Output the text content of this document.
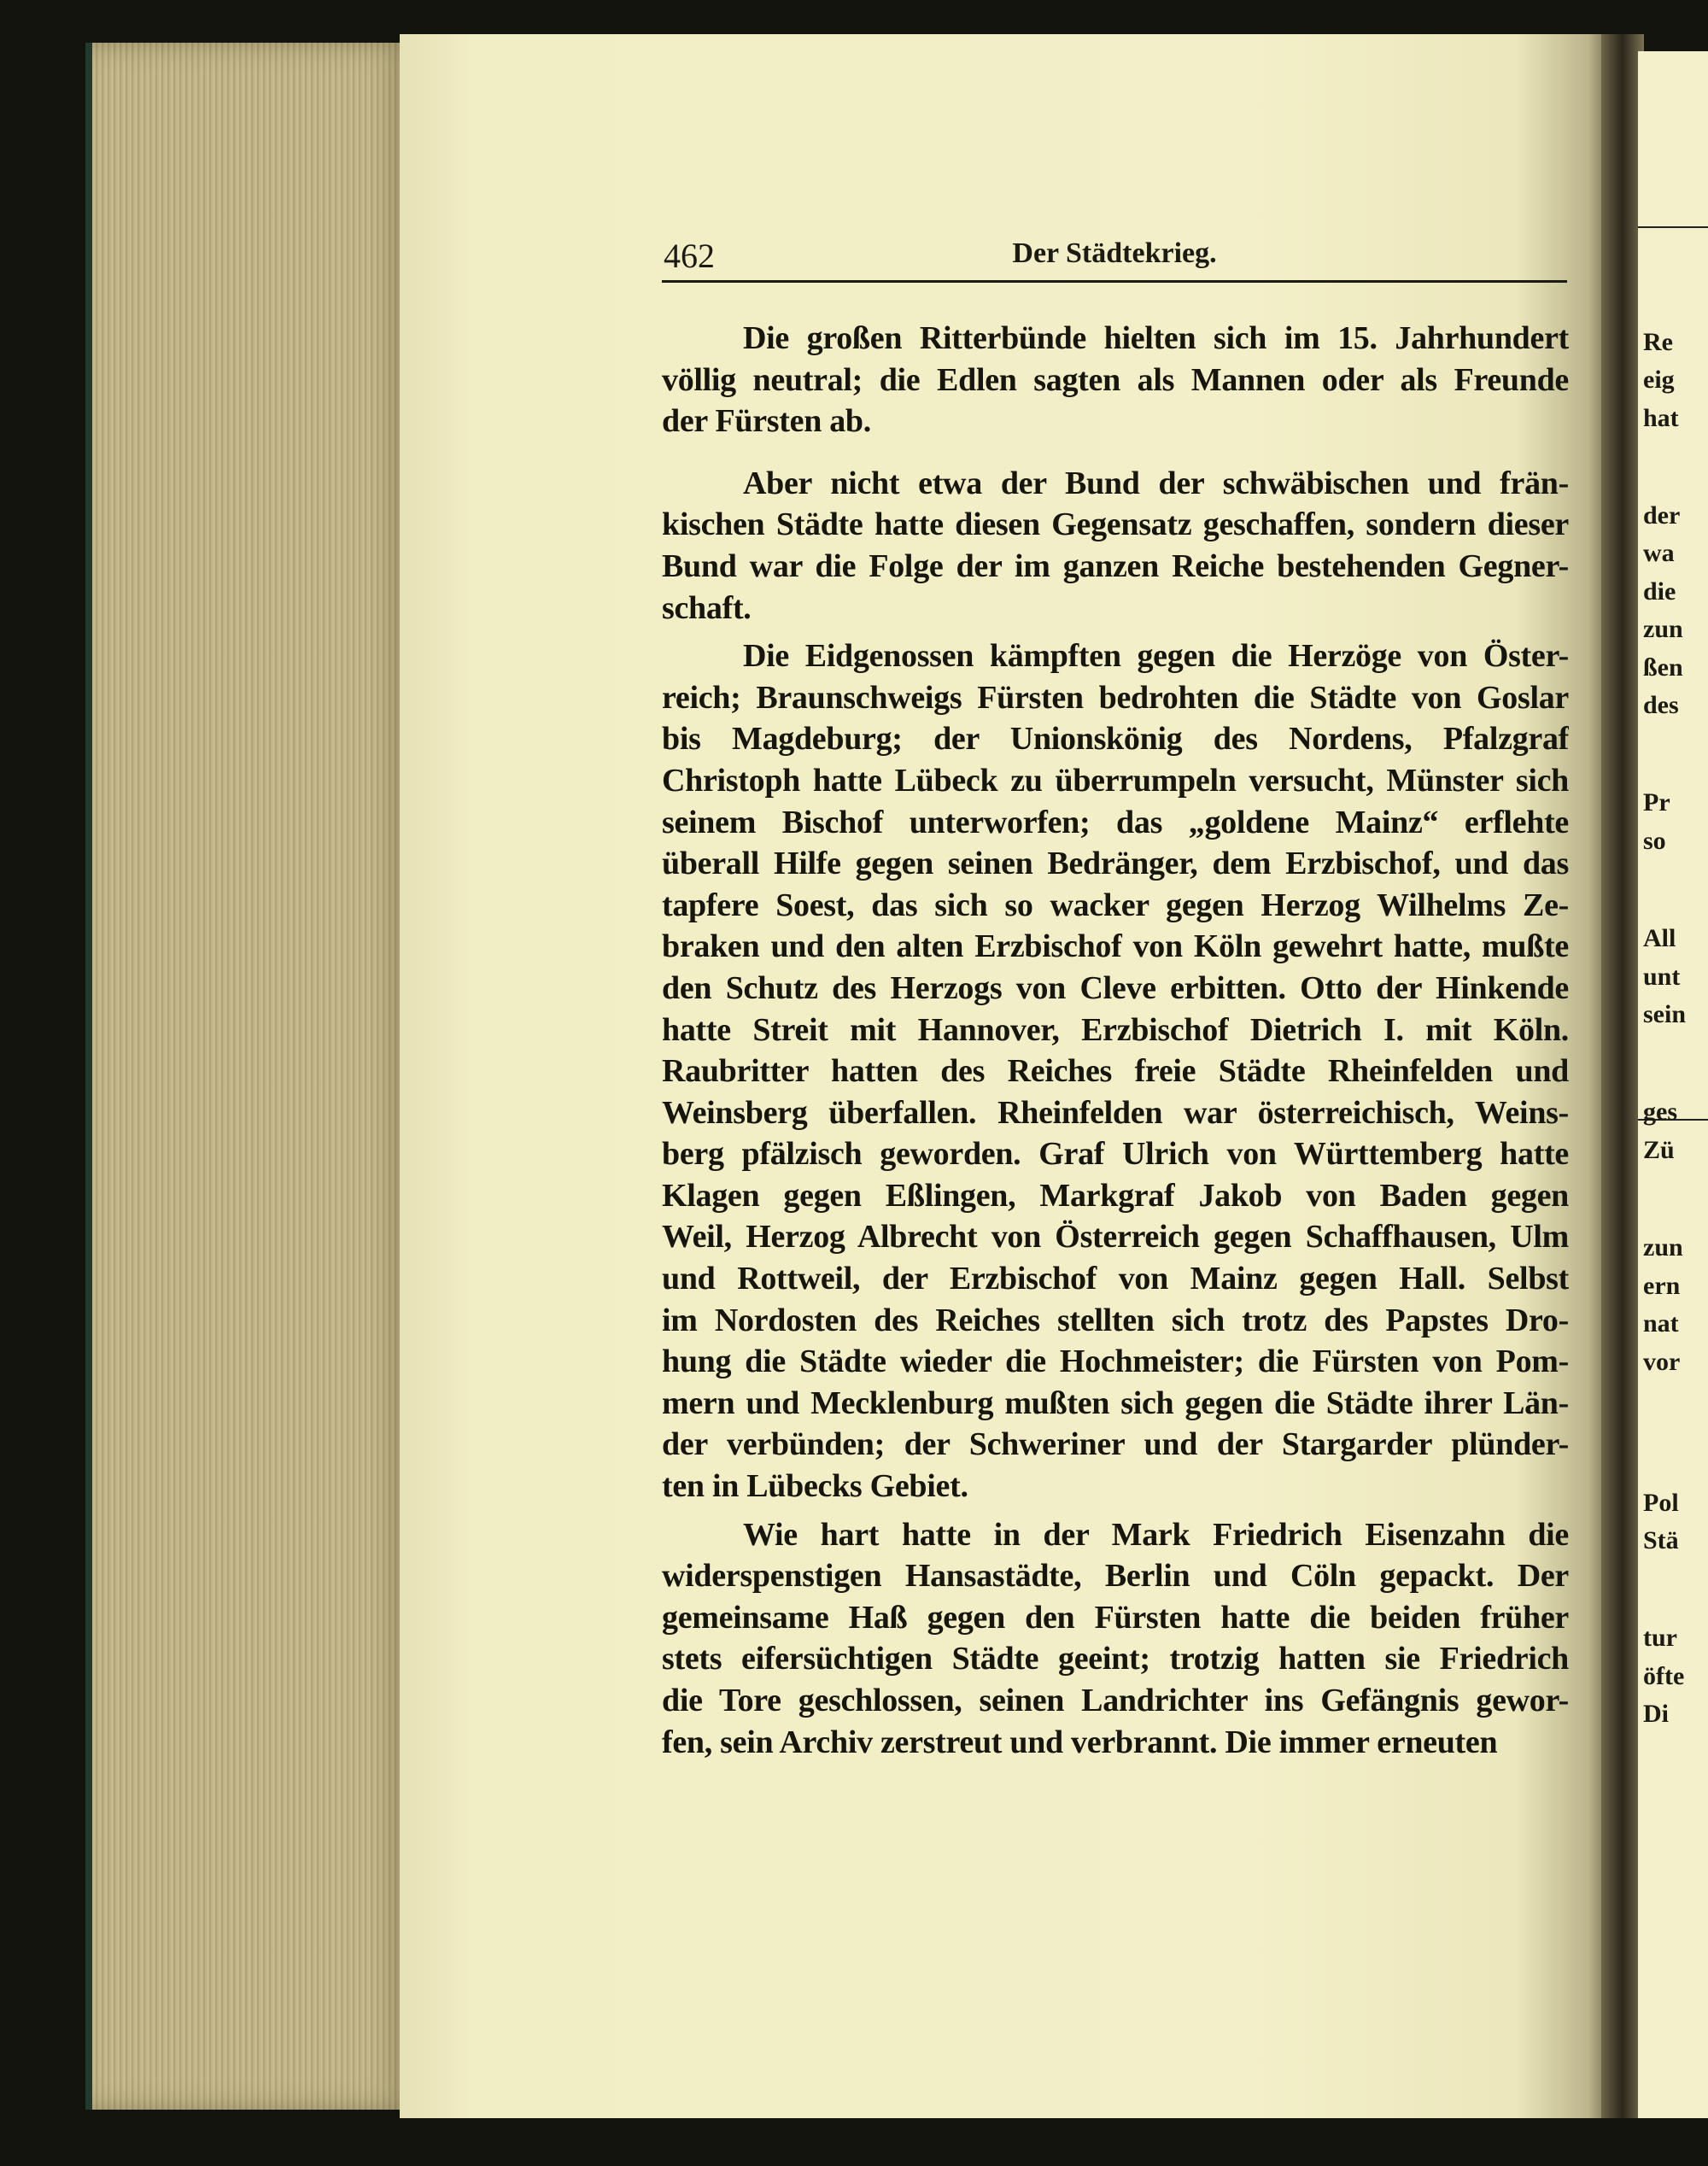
Re
eig
hat
der
wa
die
zun
ßen
des
Pr
so
All
unt
sein
ges
Zü
zun
ern
nat
vor
Pol
Stä
tur
öfte
Di
462	Der Städtekrieg.
Die großen Ritterbünde hielten sich im 15. Jahrhundert
völlig neutral; die Edlen sagten als Mannen oder als Freunde
der Fürsten ab.
Aber nicht etwa der Bund der schwäbischen und frän-
kischen Städte hatte diesen Gegensatz geschaffen, sondern dieser
Bund war die Folge der im ganzen Reiche bestehenden Gegner-
schaft.
Die Eidgenossen kämpften gegen die Herzöge von Öster-
reich; Braunschweigs Fürsten bedrohten die Städte von Goslar
bis Magdeburg; der Unionskönig des Nordens, Pfalzgraf
Christoph hatte Lübeck zu überrumpeln versucht, Münster sich
seinem Bischof unterworfen; das „goldene Mainz“ erflehte
überall Hilfe gegen seinen Bedränger, dem Erzbischof, und das
tapfere Soest, das sich so wacker gegen Herzog Wilhelms Ze-
braken und den alten Erzbischof von Köln gewehrt hatte, mußte
den Schutz des Herzogs von Cleve erbitten. Otto der Hinkende
hatte Streit mit Hannover, Erzbischof Dietrich I. mit Köln.
Raubritter hatten des Reiches freie Städte Rheinfelden und
Weinsberg überfallen. Rheinfelden war österreichisch, Weins-
berg pfälzisch geworden. Graf Ulrich von Württemberg hatte
Klagen gegen Eßlingen, Markgraf Jakob von Baden gegen
Weil, Herzog Albrecht von Österreich gegen Schaffhausen, Ulm
und Rottweil, der Erzbischof von Mainz gegen Hall. Selbst
im Nordosten des Reiches stellten sich trotz des Papstes Dro-
hung die Städte wieder die Hochmeister; die Fürsten von Pom-
mern und Mecklenburg mußten sich gegen die Städte ihrer Län-
der verbünden; der Schweriner und der Stargarder plünder-
ten in Lübecks Gebiet.
Wie hart hatte in der Mark Friedrich Eisenzahn die
widerspenstigen Hansastädte, Berlin und Cöln gepackt. Der
gemeinsame Haß gegen den Fürsten hatte die beiden früher
stets eifersüchtigen Städte geeint; trotzig hatten sie Friedrich
die Tore geschlossen, seinen Landrichter ins Gefängnis gewor-
fen, sein Archiv zerstreut und verbrannt. Die immer erneuten
